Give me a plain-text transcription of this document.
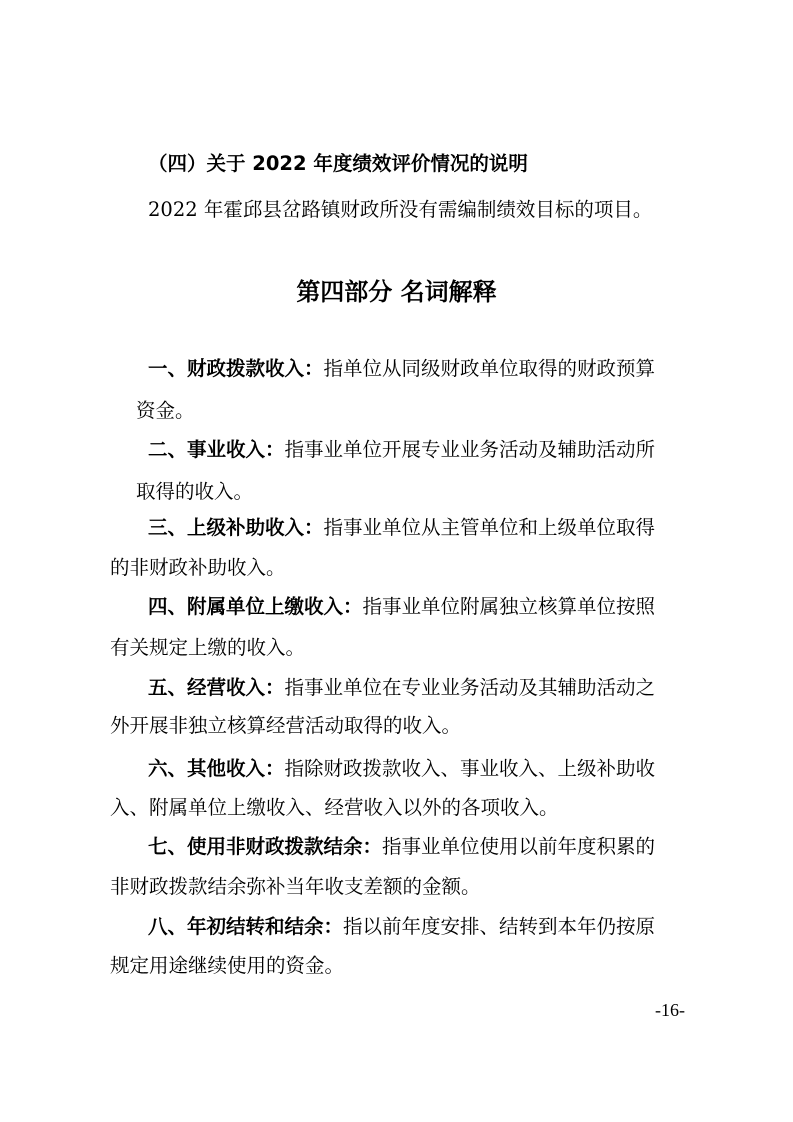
（四）关于 2022 年度绩效评价情况的说明
2022 年霍邱县岔路镇财政所没有需编制绩效目标的项目。
第四部分 名词解释
一、财政拨款收入：指单位从同级财政单位取得的财政预算
资金。
二、事业收入：指事业单位开展专业业务活动及辅助活动所
取得的收入。
三、上级补助收入：指事业单位从主管单位和上级单位取得
的非财政补助收入。
四、附属单位上缴收入：指事业单位附属独立核算单位按照
有关规定上缴的收入。
五、经营收入：指事业单位在专业业务活动及其辅助活动之
外开展非独立核算经营活动取得的收入。
六、其他收入：指除财政拨款收入、事业收入、上级补助收
入、附属单位上缴收入、经营收入以外的各项收入。
七、使用非财政拨款结余：指事业单位使用以前年度积累的
非财政拨款结余弥补当年收支差额的金额。
八、年初结转和结余：指以前年度安排、结转到本年仍按原
规定用途继续使用的资金。
-16-
